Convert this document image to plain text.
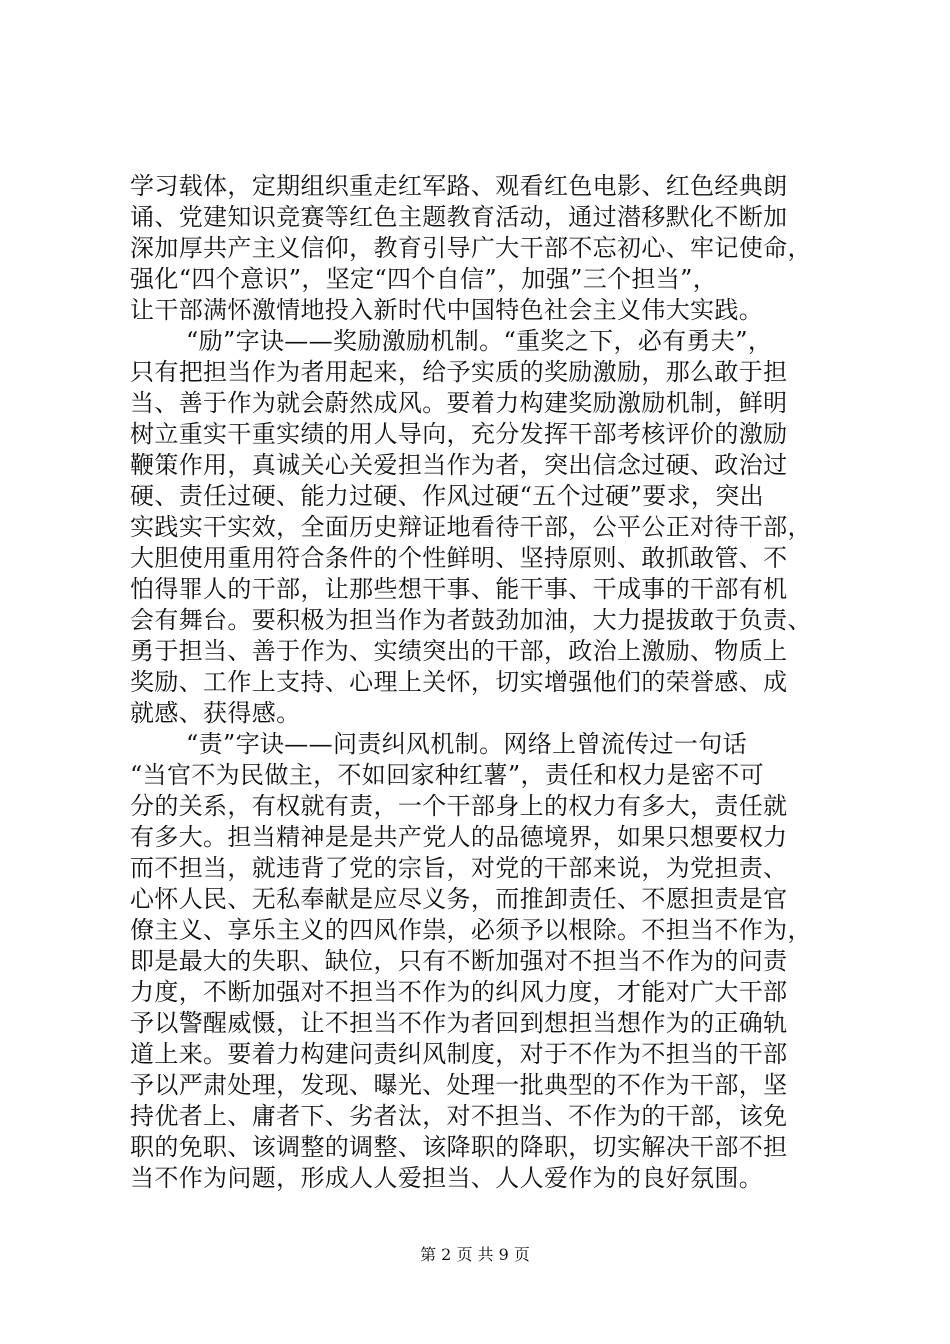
学习载体，定期组织重走红军路、观看红色电影、红色经典朗
诵、党建知识竞赛等红色主题教育活动，通过潜移默化不断加
深加厚共产主义信仰，教育引导广大干部不忘初心、牢记使命，
强化“四个意识”，坚定“四个自信”，加强”三个担当”，
让干部满怀激情地投入新时代中国特色社会主义伟大实践。
“励”字诀——奖励激励机制。“重奖之下，必有勇夫”，
只有把担当作为者用起来，给予实质的奖励激励，那么敢于担
当、善于作为就会蔚然成风。要着力构建奖励激励机制，鲜明
树立重实干重实绩的用人导向，充分发挥干部考核评价的激励
鞭策作用，真诚关心关爱担当作为者，突出信念过硬、政治过
硬、责任过硬、能力过硬、作风过硬“五个过硬”要求，突出
实践实干实效，全面历史辩证地看待干部，公平公正对待干部，
大胆使用重用符合条件的个性鲜明、坚持原则、敢抓敢管、不
怕得罪人的干部，让那些想干事、能干事、干成事的干部有机
会有舞台。要积极为担当作为者鼓劲加油，大力提拔敢于负责、
勇于担当、善于作为、实绩突出的干部，政治上激励、物质上
奖励、工作上支持、心理上关怀，切实增强他们的荣誉感、成
就感、获得感。
“责”字诀——问责纠风机制。网络上曾流传过一句话
“当官不为民做主，不如回家种红薯”，责任和权力是密不可
分的关系，有权就有责，一个干部身上的权力有多大，责任就
有多大。担当精神是是共产党人的品德境界，如果只想要权力
而不担当，就违背了党的宗旨，对党的干部来说，为党担责、
心怀人民、无私奉献是应尽义务，而推卸责任、不愿担责是官
僚主义、享乐主义的四风作祟，必须予以根除。不担当不作为，
即是最大的失职、缺位，只有不断加强对不担当不作为的问责
力度，不断加强对不担当不作为的纠风力度，才能对广大干部
予以警醒威慑，让不担当不作为者回到想担当想作为的正确轨
道上来。要着力构建问责纠风制度，对于不作为不担当的干部
予以严肃处理，发现、曝光、处理一批典型的不作为干部，坚
持优者上、庸者下、劣者汰，对不担当、不作为的干部，该免
职的免职、该调整的调整、该降职的降职，切实解决干部不担
当不作为问题，形成人人爱担当、人人爱作为的良好氛围。
第 2 页 共 9 页
